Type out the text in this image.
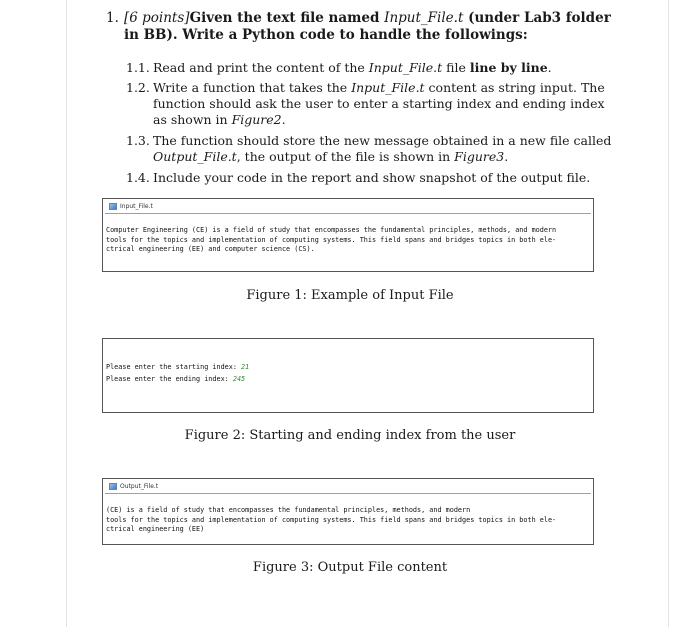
1. [6 points]Given the text file named Input_File.t (under Lab3 folder in BB). Write a Python code to handle the followings:
1.1. Read and print the content of the Input_File.t file line by line.
1.2. Write a function that takes the Input_File.t content as string input. The function should ask the user to enter a starting index and ending index as shown in Figure2.
1.3. The function should store the new message obtained in a new file called Output_File.t, the output of the file is shown in Figure3.
1.4. Include your code in the report and show snapshot of the output file.
Input_File.t
Computer Engineering (CE) is a field of study that encompasses the fundamental principles, methods, and modern
tools for the topics and implementation of computing systems. This field spans and bridges topics in both ele-
ctrical engineering (EE) and computer science (CS).
Figure 1: Example of Input File
Please enter the starting index: 21
Please enter the ending index: 245
Figure 2: Starting and ending index from the user
Output_File.t
(CE) is a field of study that encompasses the fundamental principles, methods, and modern
tools for the topics and implementation of computing systems. This field spans and bridges topics in both ele-
ctrical engineering (EE)
Figure 3: Output File content
